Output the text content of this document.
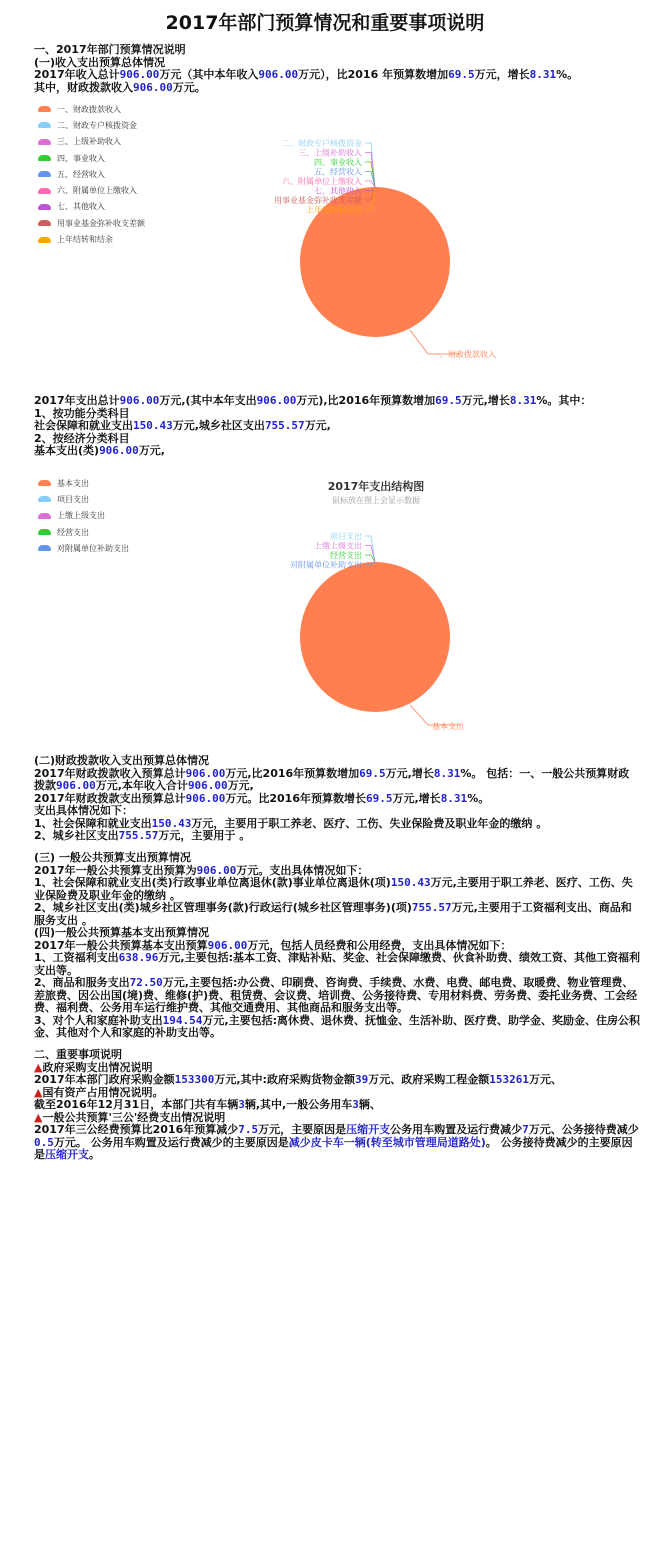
2017年部门预算情况和重要事项说明

一、2017年部门预算情况说明

(一)收入支出预算总体情况

2017年收入总计906.00万元（其中本年收入906.00万元），比2016 年预算数增加69.5万元，增长8.31%。

其中，财政拨款收入906.00万元。

一、财政拨款收入
二、财政专户核拨资金
三、上级补助收入
四、事业收入
五、经营收入
六、附属单位上缴收入
七、其他收入
用事业基金弥补收支差额
上年结转和结余
一、财政拨款收入
二、财政专户核拨资金
三、上级补助收入
四、事业收入
五、经营收入
六、附属单位上缴收入
七、其他收入
用事业基金弥补收支差额
上年结转和结余

2017年支出总计906.00万元,(其中本年支出906.00万元),比2016年预算数增加69.5万元,增长8.31%。其中：

1、按功能分类科目

社会保障和就业支出150.43万元,城乡社区支出755.57万元,

2、按经济分类科目

基本支出(类)906.00万元,

基本支出
项目支出
上缴上级支出
经营支出
对附属单位补助支出
2017年支出结构图
鼠标放在图上会显示数据
基本支出
项目支出
上缴上级支出
经营支出
对附属单位补助支出

(二)财政拨款收入支出预算总体情况

2017年财政拨款收入预算总计906.00万元,比2016年预算数增加69.5万元,增长8.31%。 包括：一、一般公共预算财政拨款906.00万元,本年收入合计906.00万元,

2017年财政拨款支出预算总计906.00万元。比2016年预算数增长69.5万元,增长8.31%。

支出具体情况如下：

1、社会保障和就业支出150.43万元，主要用于职工养老、医疗、工伤、失业保险费及职业年金的缴纳 。

2、城乡社区支出755.57万元，主要用于 。

(三) 一般公共预算支出预算情况

2017年一般公共预算支出预算为906.00万元。支出具体情况如下：

1、社会保障和就业支出(类)行政事业单位离退休(款)事业单位离退休(项)150.43万元,主要用于职工养老、医疗、工伤、失业保险费及职业年金的缴纳 。

2、城乡社区支出(类)城乡社区管理事务(款)行政运行(城乡社区管理事务)(项)755.57万元,主要用于工资福利支出、商品和服务支出 。

(四)一般公共预算基本支出预算情况

2017年一般公共预算基本支出预算906.00万元，包括人员经费和公用经费，支出具体情况如下：

1、工资福利支出638.96万元,主要包括:基本工资、津贴补贴、奖金、社会保障缴费、伙食补助费、绩效工资、其他工资福利支出等。

2、商品和服务支出72.50万元,主要包括:办公费、印刷费、咨询费、手续费、水费、电费、邮电费、取暖费、物业管理费、差旅费、因公出国(境)费、维修(护)费、租赁费、会议费、培训费、公务接待费、专用材料费、劳务费、委托业务费、工会经费、福利费、公务用车运行维护费、其他交通费用、其他商品和服务支出等。

3、对个人和家庭补助支出194.54万元,主要包括:离休费、退休费、抚恤金、生活补助、医疗费、助学金、奖励金、住房公积金、其他对个人和家庭的补助支出等。

二、重要事项说明

▲政府采购支出情况说明

2017年本部门政府采购金额153300万元,其中:政府采购货物金额39万元、政府采购工程金额153261万元、

▲国有资产占用情况说明。

截至2016年12月31日，本部门共有车辆3辆,其中,一般公务用车3辆、

▲一般公共预算'三公'经费支出情况说明

2017年三公经费预算比2016年预算减少7.5万元，主要原因是压缩开支公务用车购置及运行费减少7万元、公务接待费减少0.5万元。 公务用车购置及运行费减少的主要原因是减少皮卡车一辆(转至城市管理局道路处)。 公务接待费减少的主要原因是压缩开支。
